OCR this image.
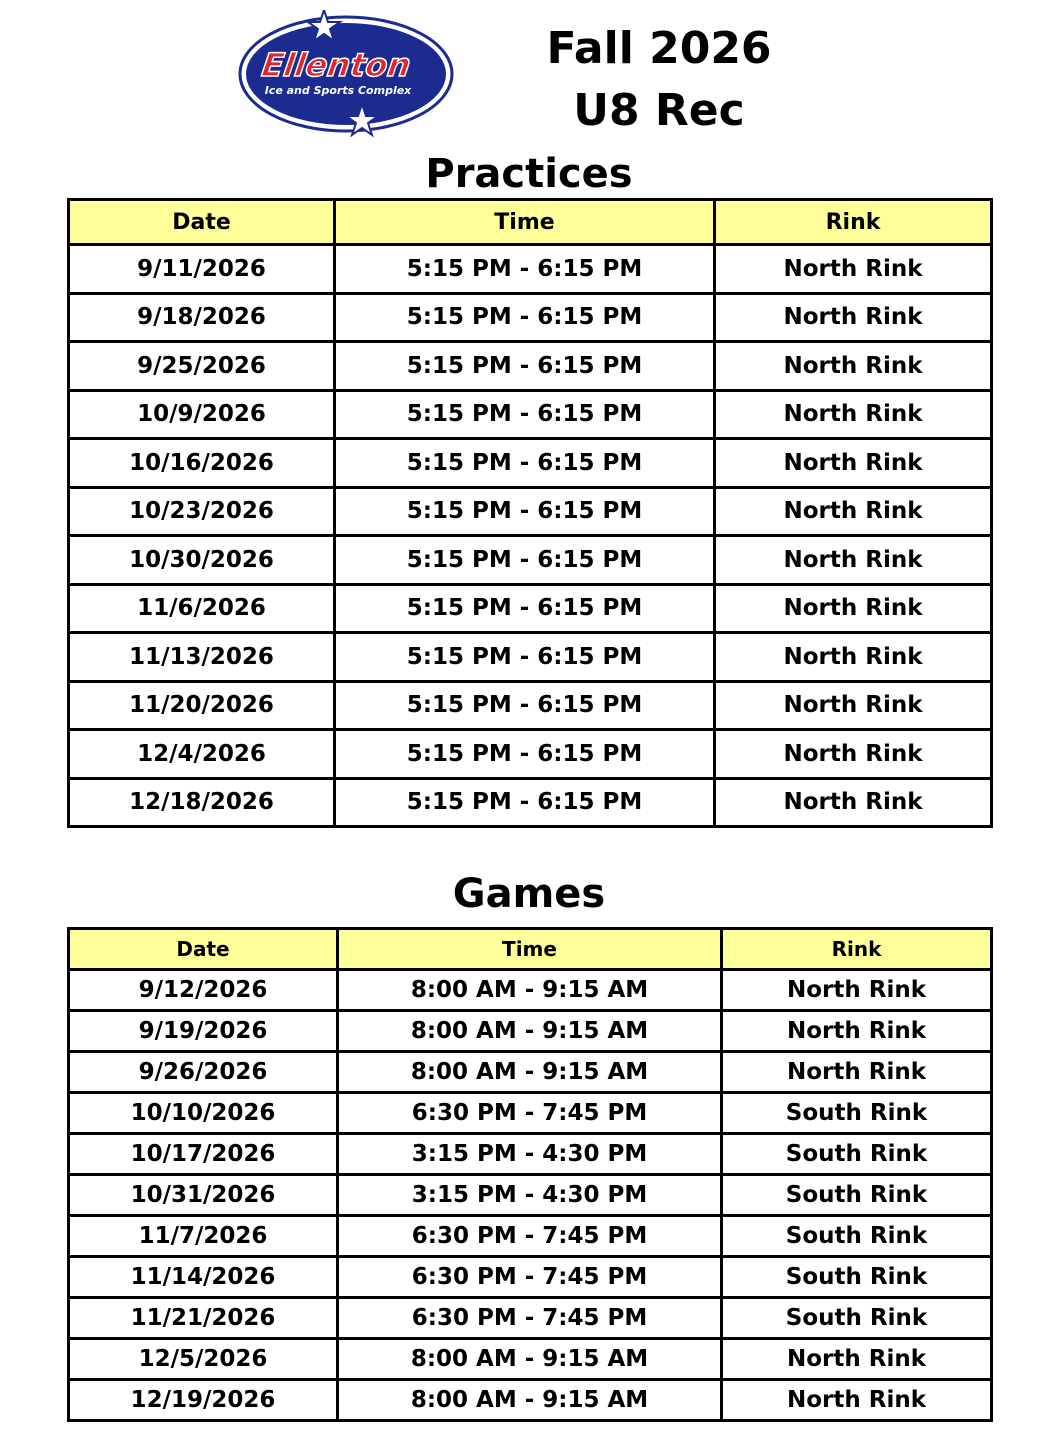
Ellenton
Ice and Sports Complex
Fall 2026
U8 Rec
Practices
Date	Time	Rink
9/11/2026	5:15 PM - 6:15 PM	North Rink
9/18/2026	5:15 PM - 6:15 PM	North Rink
9/25/2026	5:15 PM - 6:15 PM	North Rink
10/9/2026	5:15 PM - 6:15 PM	North Rink
10/16/2026	5:15 PM - 6:15 PM	North Rink
10/23/2026	5:15 PM - 6:15 PM	North Rink
10/30/2026	5:15 PM - 6:15 PM	North Rink
11/6/2026	5:15 PM - 6:15 PM	North Rink
11/13/2026	5:15 PM - 6:15 PM	North Rink
11/20/2026	5:15 PM - 6:15 PM	North Rink
12/4/2026	5:15 PM - 6:15 PM	North Rink
12/18/2026	5:15 PM - 6:15 PM	North Rink
Games
Date	Time	Rink
9/12/2026	8:00 AM - 9:15 AM	North Rink
9/19/2026	8:00 AM - 9:15 AM	North Rink
9/26/2026	8:00 AM - 9:15 AM	North Rink
10/10/2026	6:30 PM - 7:45 PM	South Rink
10/17/2026	3:15 PM - 4:30 PM	South Rink
10/31/2026	3:15 PM - 4:30 PM	South Rink
11/7/2026	6:30 PM - 7:45 PM	South Rink
11/14/2026	6:30 PM - 7:45 PM	South Rink
11/21/2026	6:30 PM - 7:45 PM	South Rink
12/5/2026	8:00 AM - 9:15 AM	North Rink
12/19/2026	8:00 AM - 9:15 AM	North Rink
